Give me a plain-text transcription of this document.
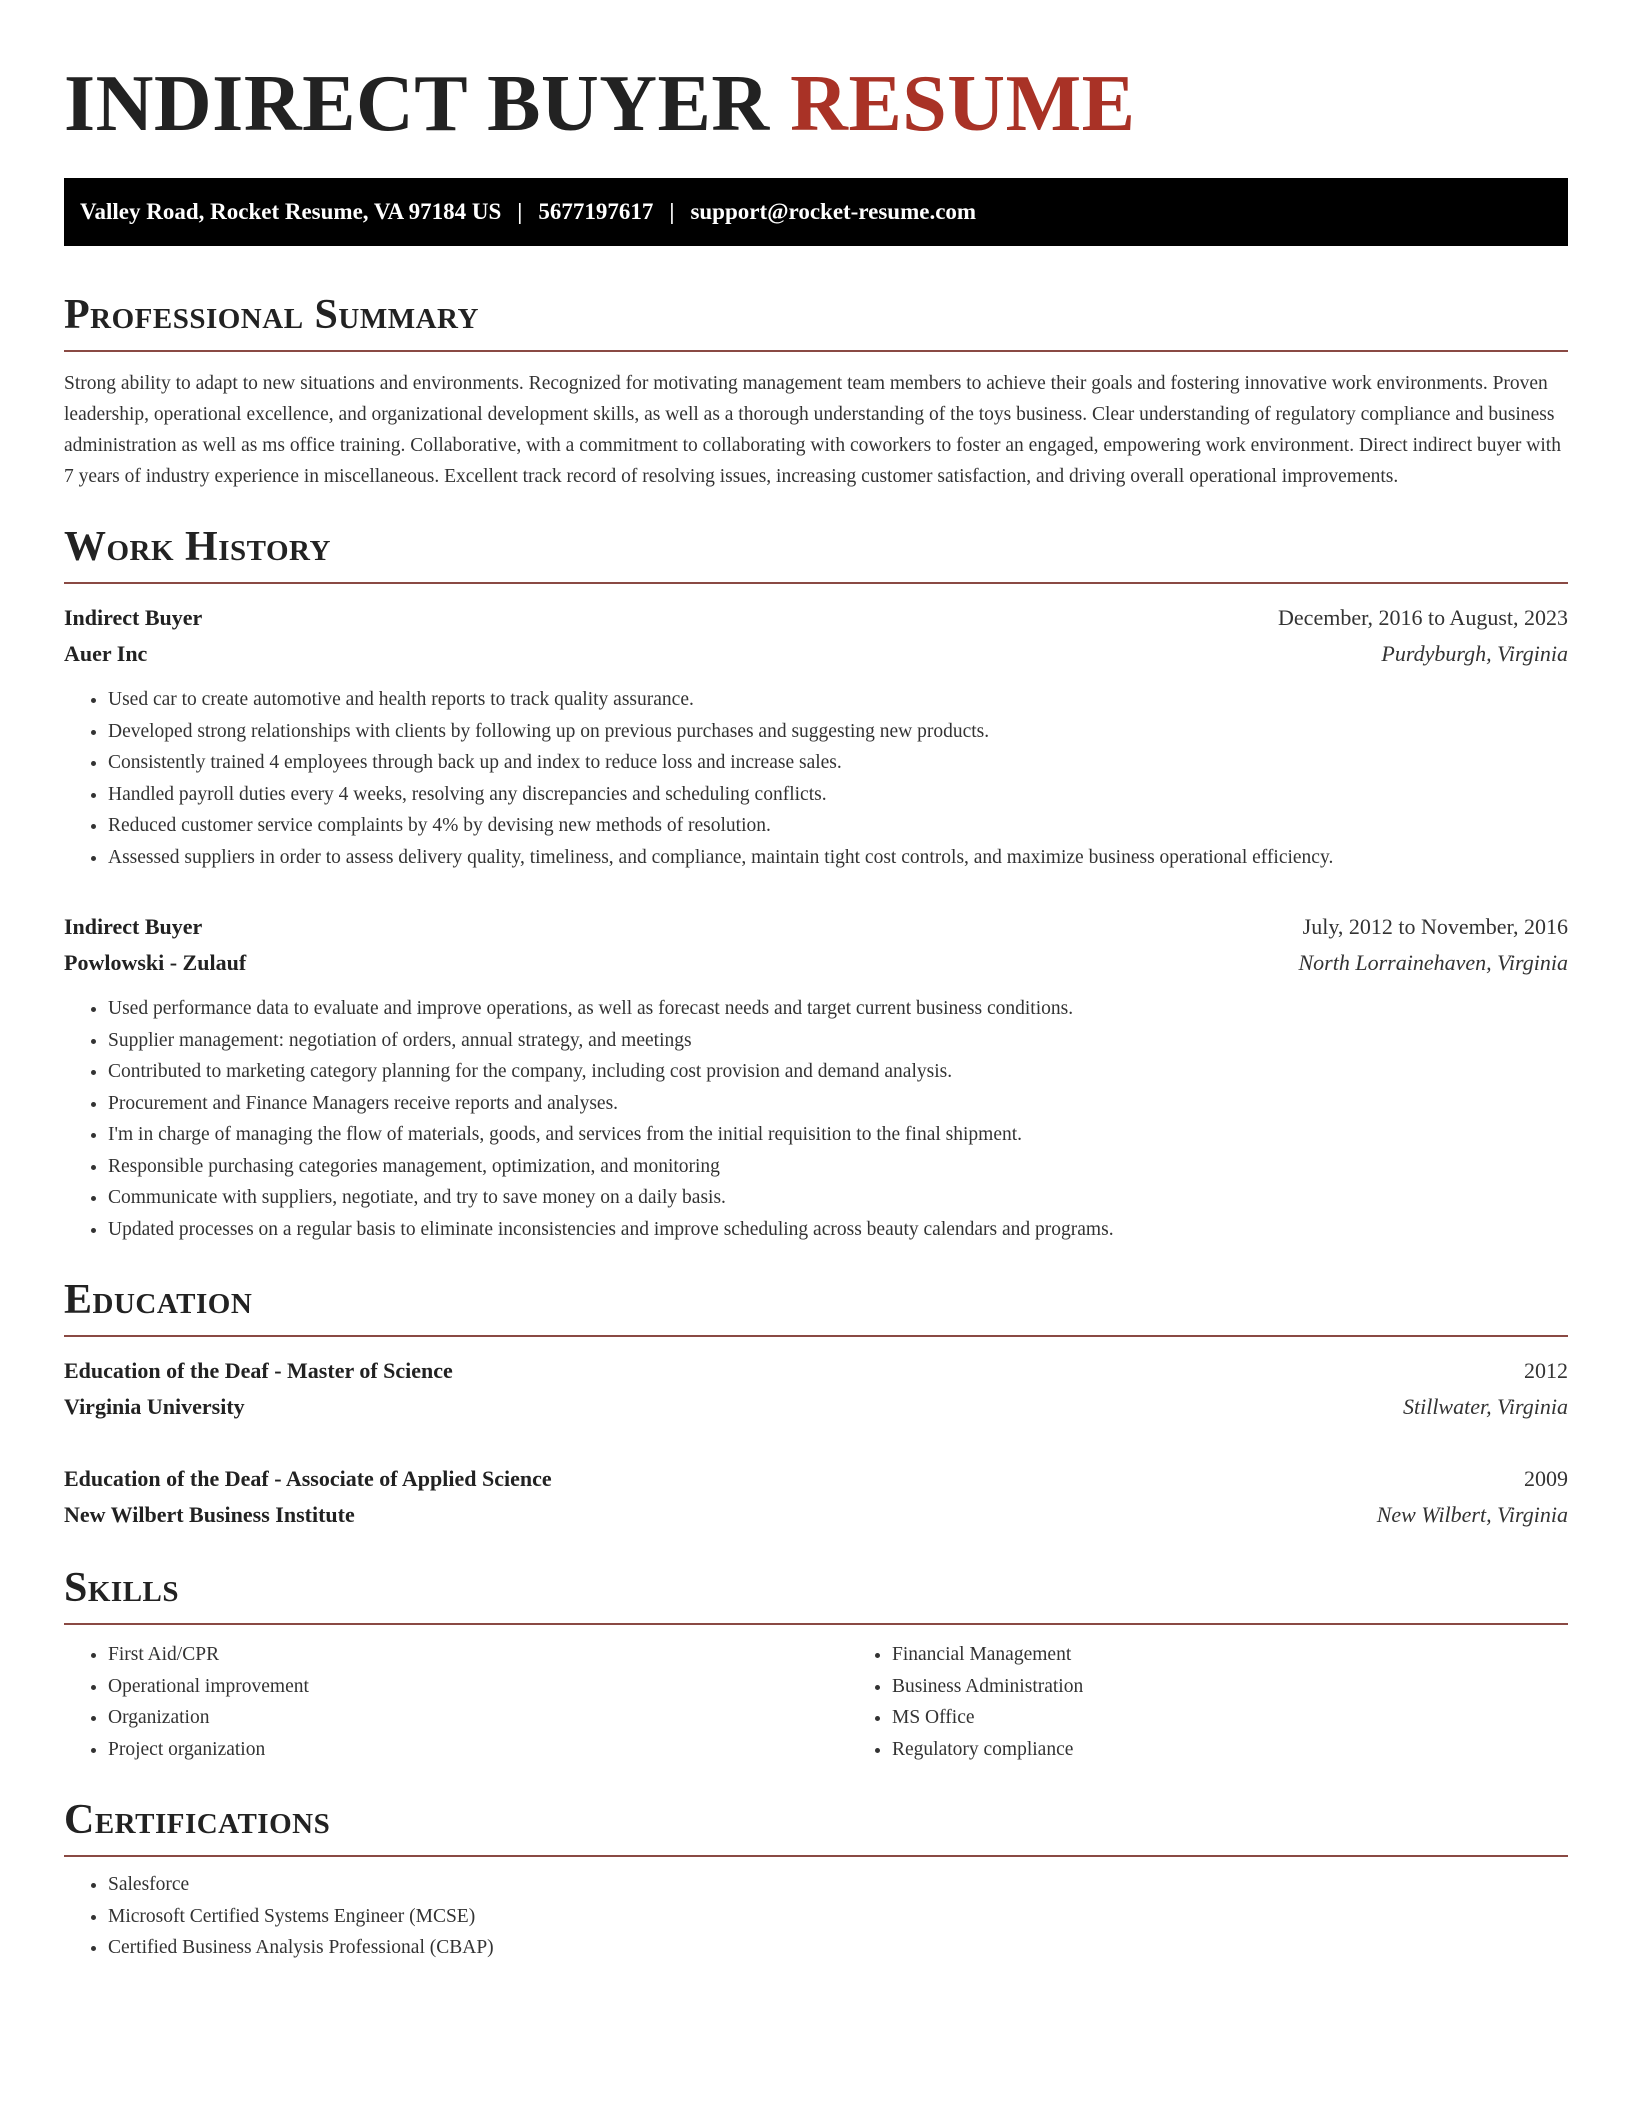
INDIRECT BUYER RESUME
Valley Road, Rocket Resume, VA 97184 US | 5677197617 | support@rocket-resume.com
Professional Summary

Strong ability to adapt to new situations and environments. Recognized for motivating management team members to achieve their goals and fostering innovative work environments. Proven leadership, operational excellence, and organizational development skills, as well as a thorough understanding of the toys business. Clear understanding of regulatory compliance and business administration as well as ms office training. Collaborative, with a commitment to collaborating with coworkers to foster an engaged, empowering work environment. Direct indirect buyer with 7 years of industry experience in miscellaneous. Excellent track record of resolving issues, increasing customer satisfaction, and driving overall operational improvements.

Work History
Indirect Buyer	December, 2016 to August, 2023
Auer Inc	Purdyburgh, Virginia
• Used car to create automotive and health reports to track quality assurance.
• Developed strong relationships with clients by following up on previous purchases and suggesting new products.
• Consistently trained 4 employees through back up and index to reduce loss and increase sales.
• Handled payroll duties every 4 weeks, resolving any discrepancies and scheduling conflicts.
• Reduced customer service complaints by 4% by devising new methods of resolution.
• Assessed suppliers in order to assess delivery quality, timeliness, and compliance, maintain tight cost controls, and maximize business operational efficiency.
Indirect Buyer	July, 2012 to November, 2016
Powlowski - Zulauf	North Lorrainehaven, Virginia
• Used performance data to evaluate and improve operations, as well as forecast needs and target current business conditions.
• Supplier management: negotiation of orders, annual strategy, and meetings
• Contributed to marketing category planning for the company, including cost provision and demand analysis.
• Procurement and Finance Managers receive reports and analyses.
• I'm in charge of managing the flow of materials, goods, and services from the initial requisition to the final shipment.
• Responsible purchasing categories management, optimization, and monitoring
• Communicate with suppliers, negotiate, and try to save money on a daily basis.
• Updated processes on a regular basis to eliminate inconsistencies and improve scheduling across beauty calendars and programs.
Education
Education of the Deaf - Master of Science	2012
Virginia University	Stillwater, Virginia
Education of the Deaf - Associate of Applied Science	2009
New Wilbert Business Institute	New Wilbert, Virginia
Skills
• First Aid/CPR
• Operational improvement
• Organization
• Project organization
• Financial Management
• Business Administration
• MS Office
• Regulatory compliance
Certifications
• Salesforce
• Microsoft Certified Systems Engineer (MCSE)
• Certified Business Analysis Professional (CBAP)
